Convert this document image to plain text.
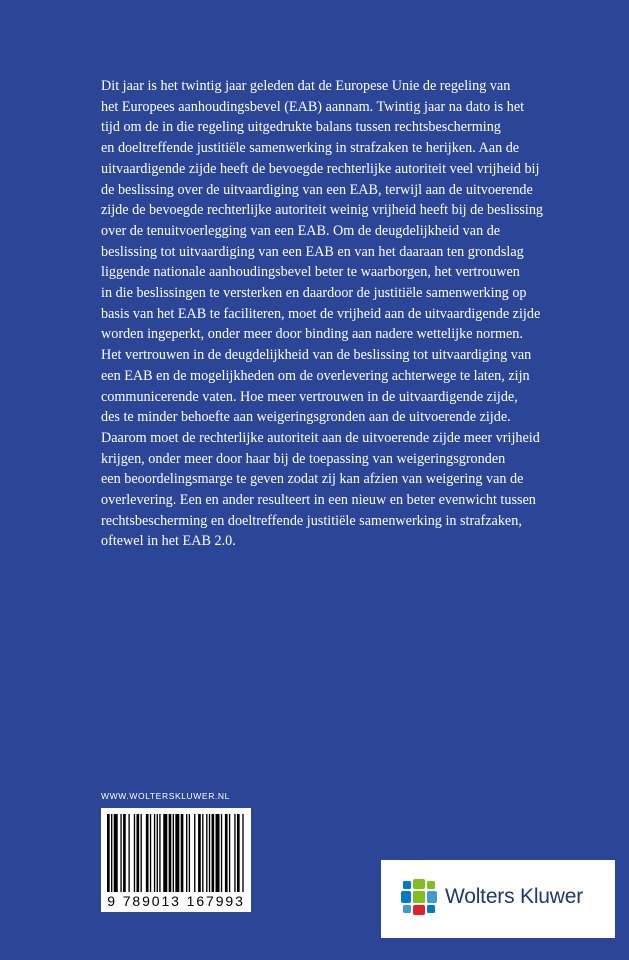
Dit jaar is het twintig jaar geleden dat de Europese Unie de regeling van
het Europees aanhoudingsbevel (EAB) aannam. Twintig jaar na dato is het
tijd om de in die regeling uitgedrukte balans tussen rechtsbescherming
en doeltreffende justitiële samenwerking in strafzaken te herijken. Aan de
uitvaardigende zijde heeft de bevoegde rechterlijke autoriteit veel vrijheid bij
de beslissing over de uitvaardiging van een EAB, terwijl aan de uitvoerende
zijde de bevoegde rechterlijke autoriteit weinig vrijheid heeft bij de beslissing
over de tenuitvoerlegging van een EAB. Om de deugdelijkheid van de
beslissing tot uitvaardiging van een EAB en van het daaraan ten grondslag
liggende nationale aanhoudingsbevel beter te waarborgen, het vertrouwen
in die beslissingen te versterken en daardoor de justitiële samenwerking op
basis van het EAB te faciliteren, moet de vrijheid aan de uitvaardigende zijde
worden ingeperkt, onder meer door binding aan nadere wettelijke normen.
Het vertrouwen in de deugdelijkheid van de beslissing tot uitvaardiging van
een EAB en de mogelijkheden om de overlevering achterwege te laten, zijn
communicerende vaten. Hoe meer vertrouwen in de uitvaardigende zijde,
des te minder behoefte aan weigeringsgronden aan de uitvoerende zijde.
Daarom moet de rechterlijke autoriteit aan de uitvoerende zijde meer vrijheid
krijgen, onder meer door haar bij de toepassing van weigeringsgronden
een beoordelingsmarge te geven zodat zij kan afzien van weigering van de
overlevering. Een en ander resulteert in een nieuw en beter evenwicht tussen
rechtsbescherming en doeltreffende justitiële samenwerking in strafzaken,
oftewel in het EAB 2.0.
WWW.WOLTERSKLUWER.NL
9 789013 167993	Wolters Kluwer
